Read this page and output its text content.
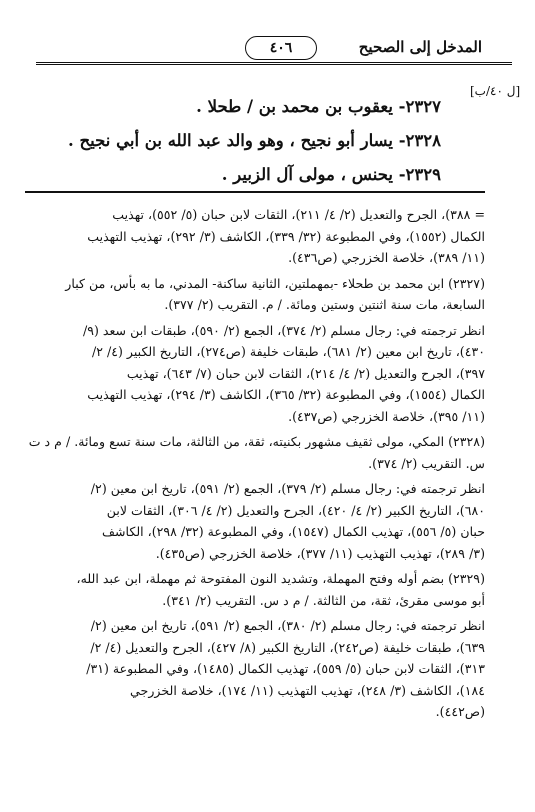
المدخل إلى الصحيح
٤٠٦
[ل ٤٠/ب]
٢٣٢٧- يعقوب بن محمد بن / طحلا .
٢٣٢٨- يسار أبو نجيح ، وهو والد عبد الله بن أبي نجيح .
٢٣٢٩- يحنس ، مولى آل الزبير .
= ٣٨٨)، الجرح والتعديل (٢/ ٤/ ٢١١)، الثقات لابن حبان (٥/ ٥٥٢)، تهذيب
الكمال (١٥٥٢)، وفي المطبوعة (٣٢/ ٣٣٩)، الكاشف (٣/ ٢٩٢)، تهذيب التهذيب
(١١/ ٣٨٩)، خلاصة الخزرجي (ص٤٣٦).
(٢٣٢٧) ابن محمد بن طحلاء -بمهملتين، الثانية ساكنة- المدني، ما به بأس، من كبار
السابعة، مات سنة اثنتين وستين ومائة. / م. التقريب (٢/ ٣٧٧).
انظر ترجمته في: رجال مسلم (٢/ ٣٧٤)، الجمع (٢/ ٥٩٠)، طبقات ابن سعد (٩/
٤٣٠)، تاريخ ابن معين (٢/ ٦٨١)، طبقات خليفة (ص٢٧٤)، التاريخ الكبير (٤/ ٢/
٣٩٧)، الجرح والتعديل (٢/ ٤/ ٢١٤)، الثقات لابن حبان (٧/ ٦٤٣)، تهذيب
الكمال (١٥٥٤)، وفي المطبوعة (٣٢/ ٣٦٥)، الكاشف (٣/ ٢٩٤)، تهذيب التهذيب
(١١/ ٣٩٥)، خلاصة الخزرجي (ص٤٣٧).
(٢٣٢٨) المكي، مولى ثقيف مشهور بكنيته، ثقة، من الثالثة، مات سنة تسع ومائة. / م د ت
س. التقريب (٢/ ٣٧٤).
انظر ترجمته في: رجال مسلم (٢/ ٣٧٩)، الجمع (٢/ ٥٩١)، تاريخ ابن معين (٢/
٦٨٠)، التاريخ الكبير (٢/ ٤/ ٤٢٠)، الجرح والتعديل (٢/ ٤/ ٣٠٦)، الثقات لابن
حبان (٥/ ٥٥٦)، تهذيب الكمال (١٥٤٧)، وفي المطبوعة (٣٢/ ٢٩٨)، الكاشف
(٣/ ٢٨٩)، تهذيب التهذيب (١١/ ٣٧٧)، خلاصة الخزرجي (ص٤٣٥).
(٢٣٢٩) بضم أوله وفتح المهملة، وتشديد النون المفتوحة ثم مهملة، ابن عبد الله،
أبو موسى مقرئ، ثقة، من الثالثة. / م د س. التقريب (٢/ ٣٤١).
انظر ترجمته في: رجال مسلم (٢/ ٣٨٠)، الجمع (٢/ ٥٩١)، تاريخ ابن معين (٢/
٦٣٩)، طبقات خليفة (ص٢٤٢)، التاريخ الكبير (٨/ ٤٢٧)، الجرح والتعديل (٤/ ٢/
٣١٣)، الثقات لابن حبان (٥/ ٥٥٩)، تهذيب الكمال (١٤٨٥)، وفي المطبوعة (٣١/
١٨٤)، الكاشف (٣/ ٢٤٨)، تهذيب التهذيب (١١/ ١٧٤)، خلاصة الخزرجي
(ص٤٤٢).
